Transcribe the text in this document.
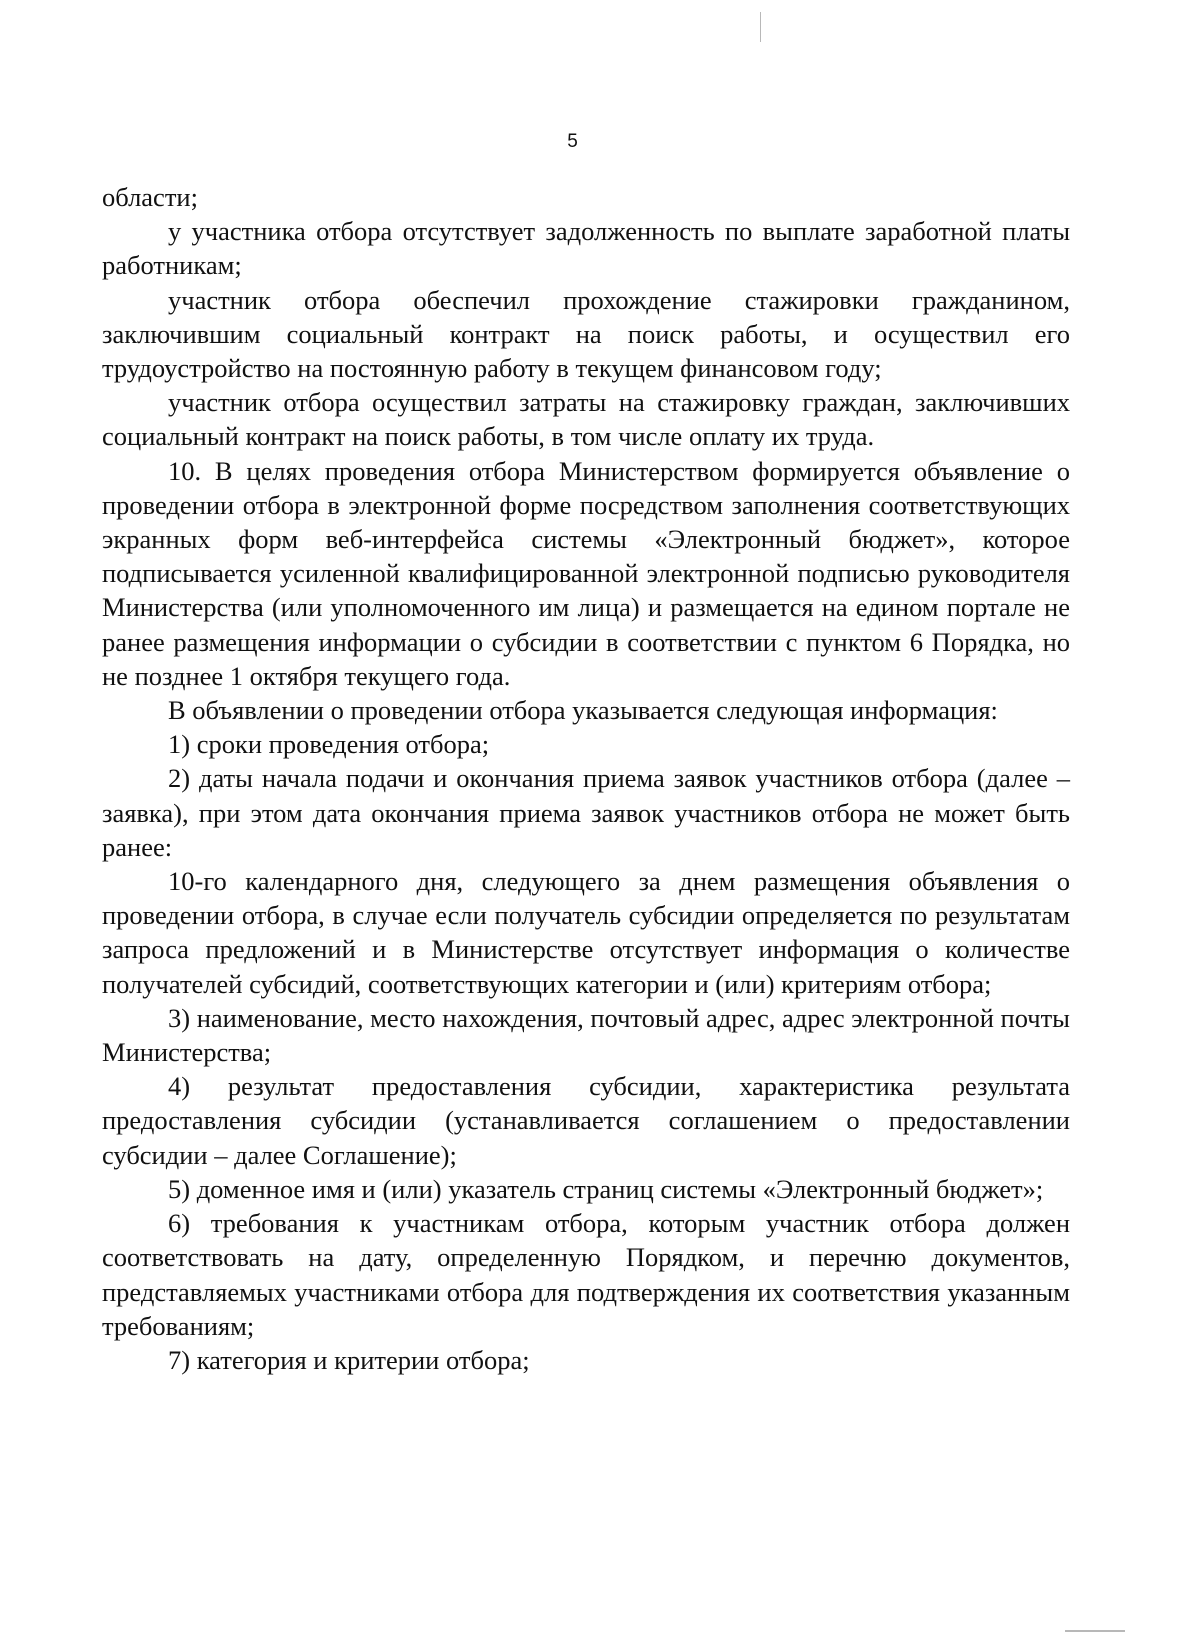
5

области;

у участника отбора отсутствует задолженность по выплате заработной платы работникам;

участник отбора обеспечил прохождение стажировки гражданином, заключившим социальный контракт на поиск работы, и осуществил его трудоустройство на постоянную работу в текущем финансовом году;

участник отбора осуществил затраты на стажировку граждан, заключивших социальный контракт на поиск работы, в том числе оплату их труда.

10. В целях проведения отбора Министерством формируется объявление о проведении отбора в электронной форме посредством заполнения соответствующих экранных форм веб-интерфейса системы «Электронный бюджет», которое подписывается усиленной квалифицированной электронной подписью руководителя Министерства (или уполномоченного им лица) и размещается на едином портале не ранее размещения информации о субсидии в соответствии с пунктом 6 Порядка, но не позднее 1 октября текущего года.

В объявлении о проведении отбора указывается следующая информация:

1) сроки проведения отбора;

2) даты начала подачи и окончания приема заявок участников отбора (далее – заявка), при этом дата окончания приема заявок участников отбора не может быть ранее:

10-го календарного дня, следующего за днем размещения объявления о проведении отбора, в случае если получатель субсидии определяется по результатам запроса предложений и в Министерстве отсутствует информация о количестве получателей субсидий, соответствующих категории и (или) критериям отбора;

3) наименование, место нахождения, почтовый адрес, адрес электронной почты Министерства;

4) результат предоставления субсидии, характеристика результата предоставления субсидии (устанавливается соглашением о предоставлении субсидии – далее Соглашение);

5) доменное имя и (или) указатель страниц системы «Электронный бюджет»;

6) требования к участникам отбора, которым участник отбора должен соответствовать на дату, определенную Порядком, и перечню документов, представляемых участниками отбора для подтверждения их соответствия указанным требованиям;

7) категория и критерии отбора;
